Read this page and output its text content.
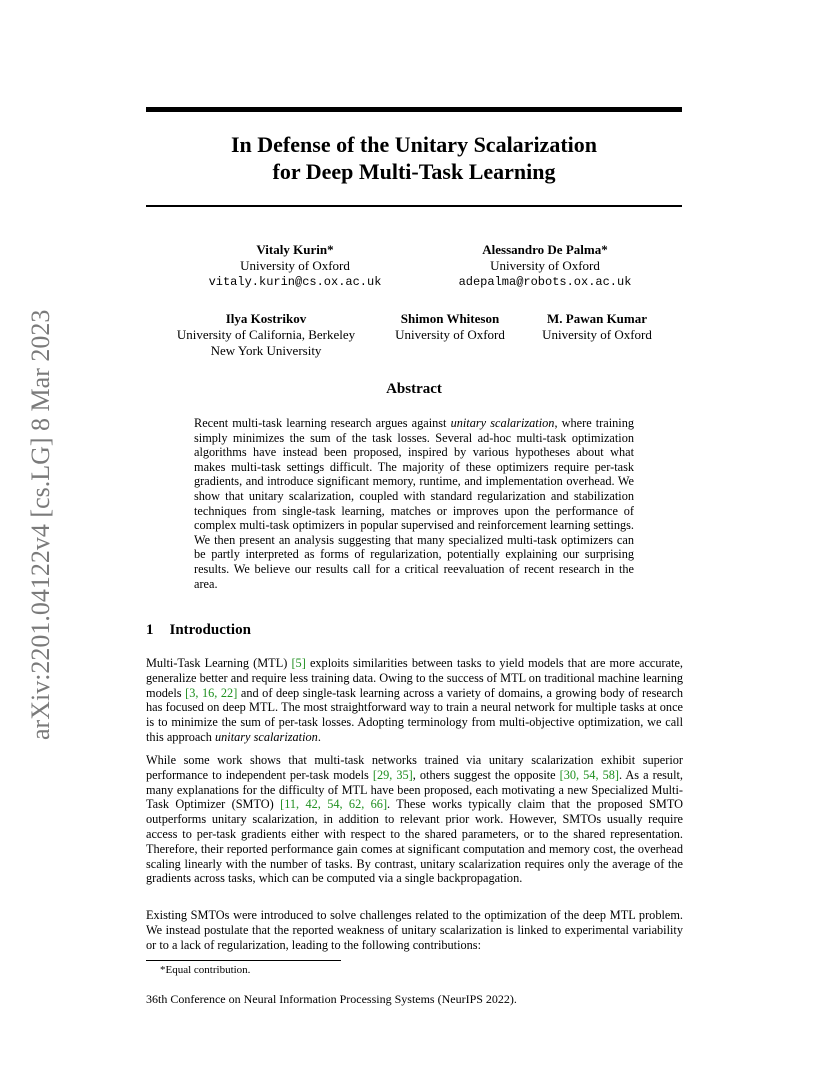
arXiv:2201.04122v4 [cs.LG] 8 Mar 2023
In Defense of the Unitary Scalarization
for Deep Multi-Task Learning
Vitaly Kurin*
University of Oxford
vitaly.kurin@cs.ox.ac.uk
Alessandro De Palma*
University of Oxford
adepalma@robots.ox.ac.uk
Ilya Kostrikov
University of California, Berkeley
New York University
Shimon Whiteson
University of Oxford
M. Pawan Kumar
University of Oxford
Abstract
Recent multi-task learning research argues against unitary scalarization, where training simply minimizes the sum of the task losses. Several ad-hoc multi-task optimization algorithms have instead been proposed, inspired by various hypotheses about what makes multi-task settings difficult. The majority of these optimizers require per-task gradients, and introduce significant memory, runtime, and implementation overhead. We show that unitary scalarization, coupled with standard regularization and stabilization techniques from single-task learning, matches or improves upon the performance of complex multi-task optimizers in popular supervised and reinforcement learning settings. We then present an analysis suggesting that many specialized multi-task optimizers can be partly interpreted as forms of regularization, potentially explaining our surprising results. We believe our results call for a critical reevaluation of recent research in the area.
1 Introduction
Multi-Task Learning (MTL) [5] exploits similarities between tasks to yield models that are more accurate, generalize better and require less training data. Owing to the success of MTL on traditional machine learning models [3, 16, 22] and of deep single-task learning across a variety of domains, a growing body of research has focused on deep MTL. The most straightforward way to train a neural network for multiple tasks at once is to minimize the sum of per-task losses. Adopting terminology from multi-objective optimization, we call this approach unitary scalarization.
While some work shows that multi-task networks trained via unitary scalarization exhibit superior performance to independent per-task models [29, 35], others suggest the opposite [30, 54, 58]. As a result, many explanations for the difficulty of MTL have been proposed, each motivating a new Specialized Multi-Task Optimizer (SMTO) [11, 42, 54, 62, 66]. These works typically claim that the proposed SMTO outperforms unitary scalarization, in addition to relevant prior work. However, SMTOs usually require access to per-task gradients either with respect to the shared parameters, or to the shared representation. Therefore, their reported performance gain comes at significant computation and memory cost, the overhead scaling linearly with the number of tasks. By contrast, unitary scalarization requires only the average of the gradients across tasks, which can be computed via a single backpropagation.
Existing SMTOs were introduced to solve challenges related to the optimization of the deep MTL problem. We instead postulate that the reported weakness of unitary scalarization is linked to experimental variability or to a lack of regularization, leading to the following contributions:
*Equal contribution.
36th Conference on Neural Information Processing Systems (NeurIPS 2022).
